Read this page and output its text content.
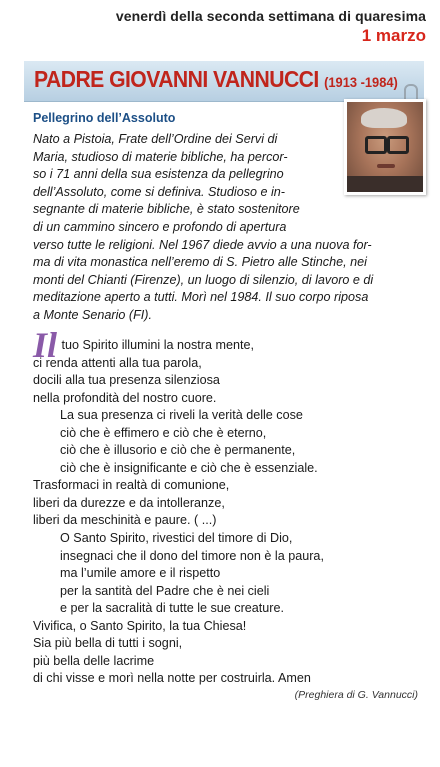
venerdì della seconda settimana di quaresima
1 marzo
PADRE GIOVANNI VANNUCCI (1913 -1984)
Pellegrino dell’Assoluto
Nato a Pistoia, Frate dell’Ordine dei Servi di
Maria, studioso di materie bibliche, ha percor-
so i 71 anni della sua esistenza da pellegrino
dell’Assoluto, come si definiva. Studioso e in-
segnante di materie bibliche, è stato sostenitore
di un cammino sincero e profondo di apertura
verso tutte le religioni. Nel 1967 diede avvio a una nuova for-
ma di vita monastica nell’eremo di S. Pietro alle Stinche, nei
monti del Chianti (Firenze), un luogo di silenzio, di lavoro e di
meditazione aperto a tutti. Morì nel 1984. Il suo corpo riposa
a Monte Senario (FI).
Il tuo Spirito illumini la nostra mente,
ci renda attenti alla tua parola,
docili alla tua presenza silenziosa
nella profondità del nostro cuore.
La sua presenza ci riveli la verità delle cose
ciò che è effimero e ciò che è eterno,
ciò che è illusorio e ciò che è permanente,
ciò che è insignificante e ciò che è essenziale.
Trasformaci in realtà di comunione,
liberi da durezze e da intolleranze,
liberi da meschinità e paure. ( ...)
O Santo Spirito, rivestici del timore di Dio,
insegnaci che il dono del timore non è la paura,
ma l’umile amore e il rispetto
per la santità del Padre che è nei cieli
e per la sacralità di tutte le sue creature.
Vivifica, o Santo Spirito, la tua Chiesa!
Sia più bella di tutti i sogni,
più bella delle lacrime
di chi visse e morì nella notte per costruirla. Amen
(Preghiera di G. Vannucci)
